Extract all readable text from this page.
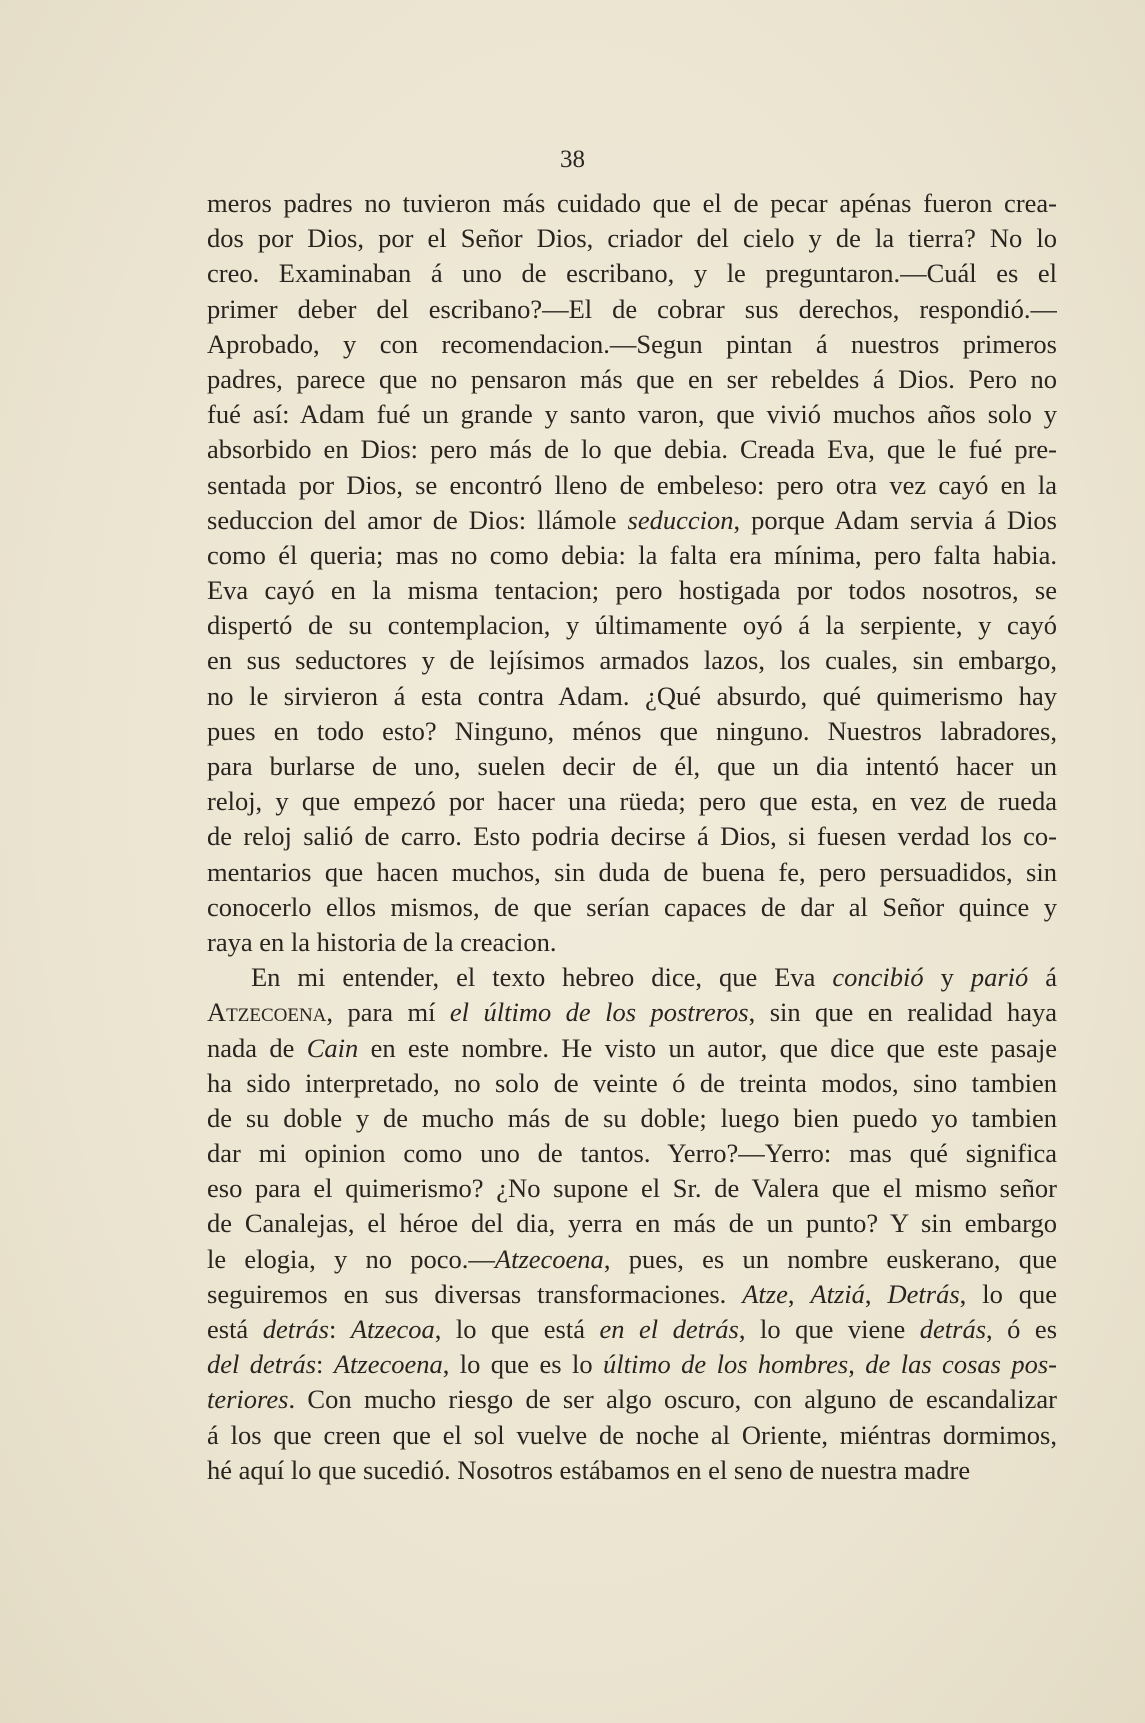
38
meros padres no tuvieron más cuidado que el de pecar apénas fueron crea-
dos por Dios, por el Señor Dios, criador del cielo y de la tierra? No lo
creo. Examinaban á uno de escribano, y le preguntaron.—Cuál es el
primer deber del escribano?—El de cobrar sus derechos, respondió.—
Aprobado, y con recomendacion.—Segun pintan á nuestros primeros
padres, parece que no pensaron más que en ser rebeldes á Dios. Pero no
fué así: Adam fué un grande y santo varon, que vivió muchos años solo y
absorbido en Dios: pero más de lo que debia. Creada Eva, que le fué pre-
sentada por Dios, se encontró lleno de embeleso: pero otra vez cayó en la
seduccion del amor de Dios: llámole seduccion, porque Adam servia á Dios
como él queria; mas no como debia: la falta era mínima, pero falta habia.
Eva cayó en la misma tentacion; pero hostigada por todos nosotros, se
dispertó de su contemplacion, y últimamente oyó á la serpiente, y cayó
en sus seductores y de lejísimos armados lazos, los cuales, sin embargo,
no le sirvieron á esta contra Adam. ¿Qué absurdo, qué quimerismo hay
pues en todo esto? Ninguno, ménos que ninguno. Nuestros labradores,
para burlarse de uno, suelen decir de él, que un dia intentó hacer un
reloj, y que empezó por hacer una rüeda; pero que esta, en vez de rueda
de reloj salió de carro. Esto podria decirse á Dios, si fuesen verdad los co-
mentarios que hacen muchos, sin duda de buena fe, pero persuadidos, sin
conocerlo ellos mismos, de que serían capaces de dar al Señor quince y
raya en la historia de la creacion.
En mi entender, el texto hebreo dice, que Eva concibió y parió á
Atzecoena, para mí el último de los postreros, sin que en realidad haya
nada de Cain en este nombre. He visto un autor, que dice que este pasaje
ha sido interpretado, no solo de veinte ó de treinta modos, sino tambien
de su doble y de mucho más de su doble; luego bien puedo yo tambien
dar mi opinion como uno de tantos. Yerro?—Yerro: mas qué significa
eso para el quimerismo? ¿No supone el Sr. de Valera que el mismo señor
de Canalejas, el héroe del dia, yerra en más de un punto? Y sin embargo
le elogia, y no poco.—Atzecoena, pues, es un nombre euskerano, que
seguiremos en sus diversas transformaciones. Atze, Atziá, Detrás, lo que
está detrás: Atzecoa, lo que está en el detrás, lo que viene detrás, ó es
del detrás: Atzecoena, lo que es lo último de los hombres, de las cosas pos-
teriores. Con mucho riesgo de ser algo oscuro, con alguno de escandalizar
á los que creen que el sol vuelve de noche al Oriente, miéntras dormimos,
hé aquí lo que sucedió. Nosotros estábamos en el seno de nuestra madre
